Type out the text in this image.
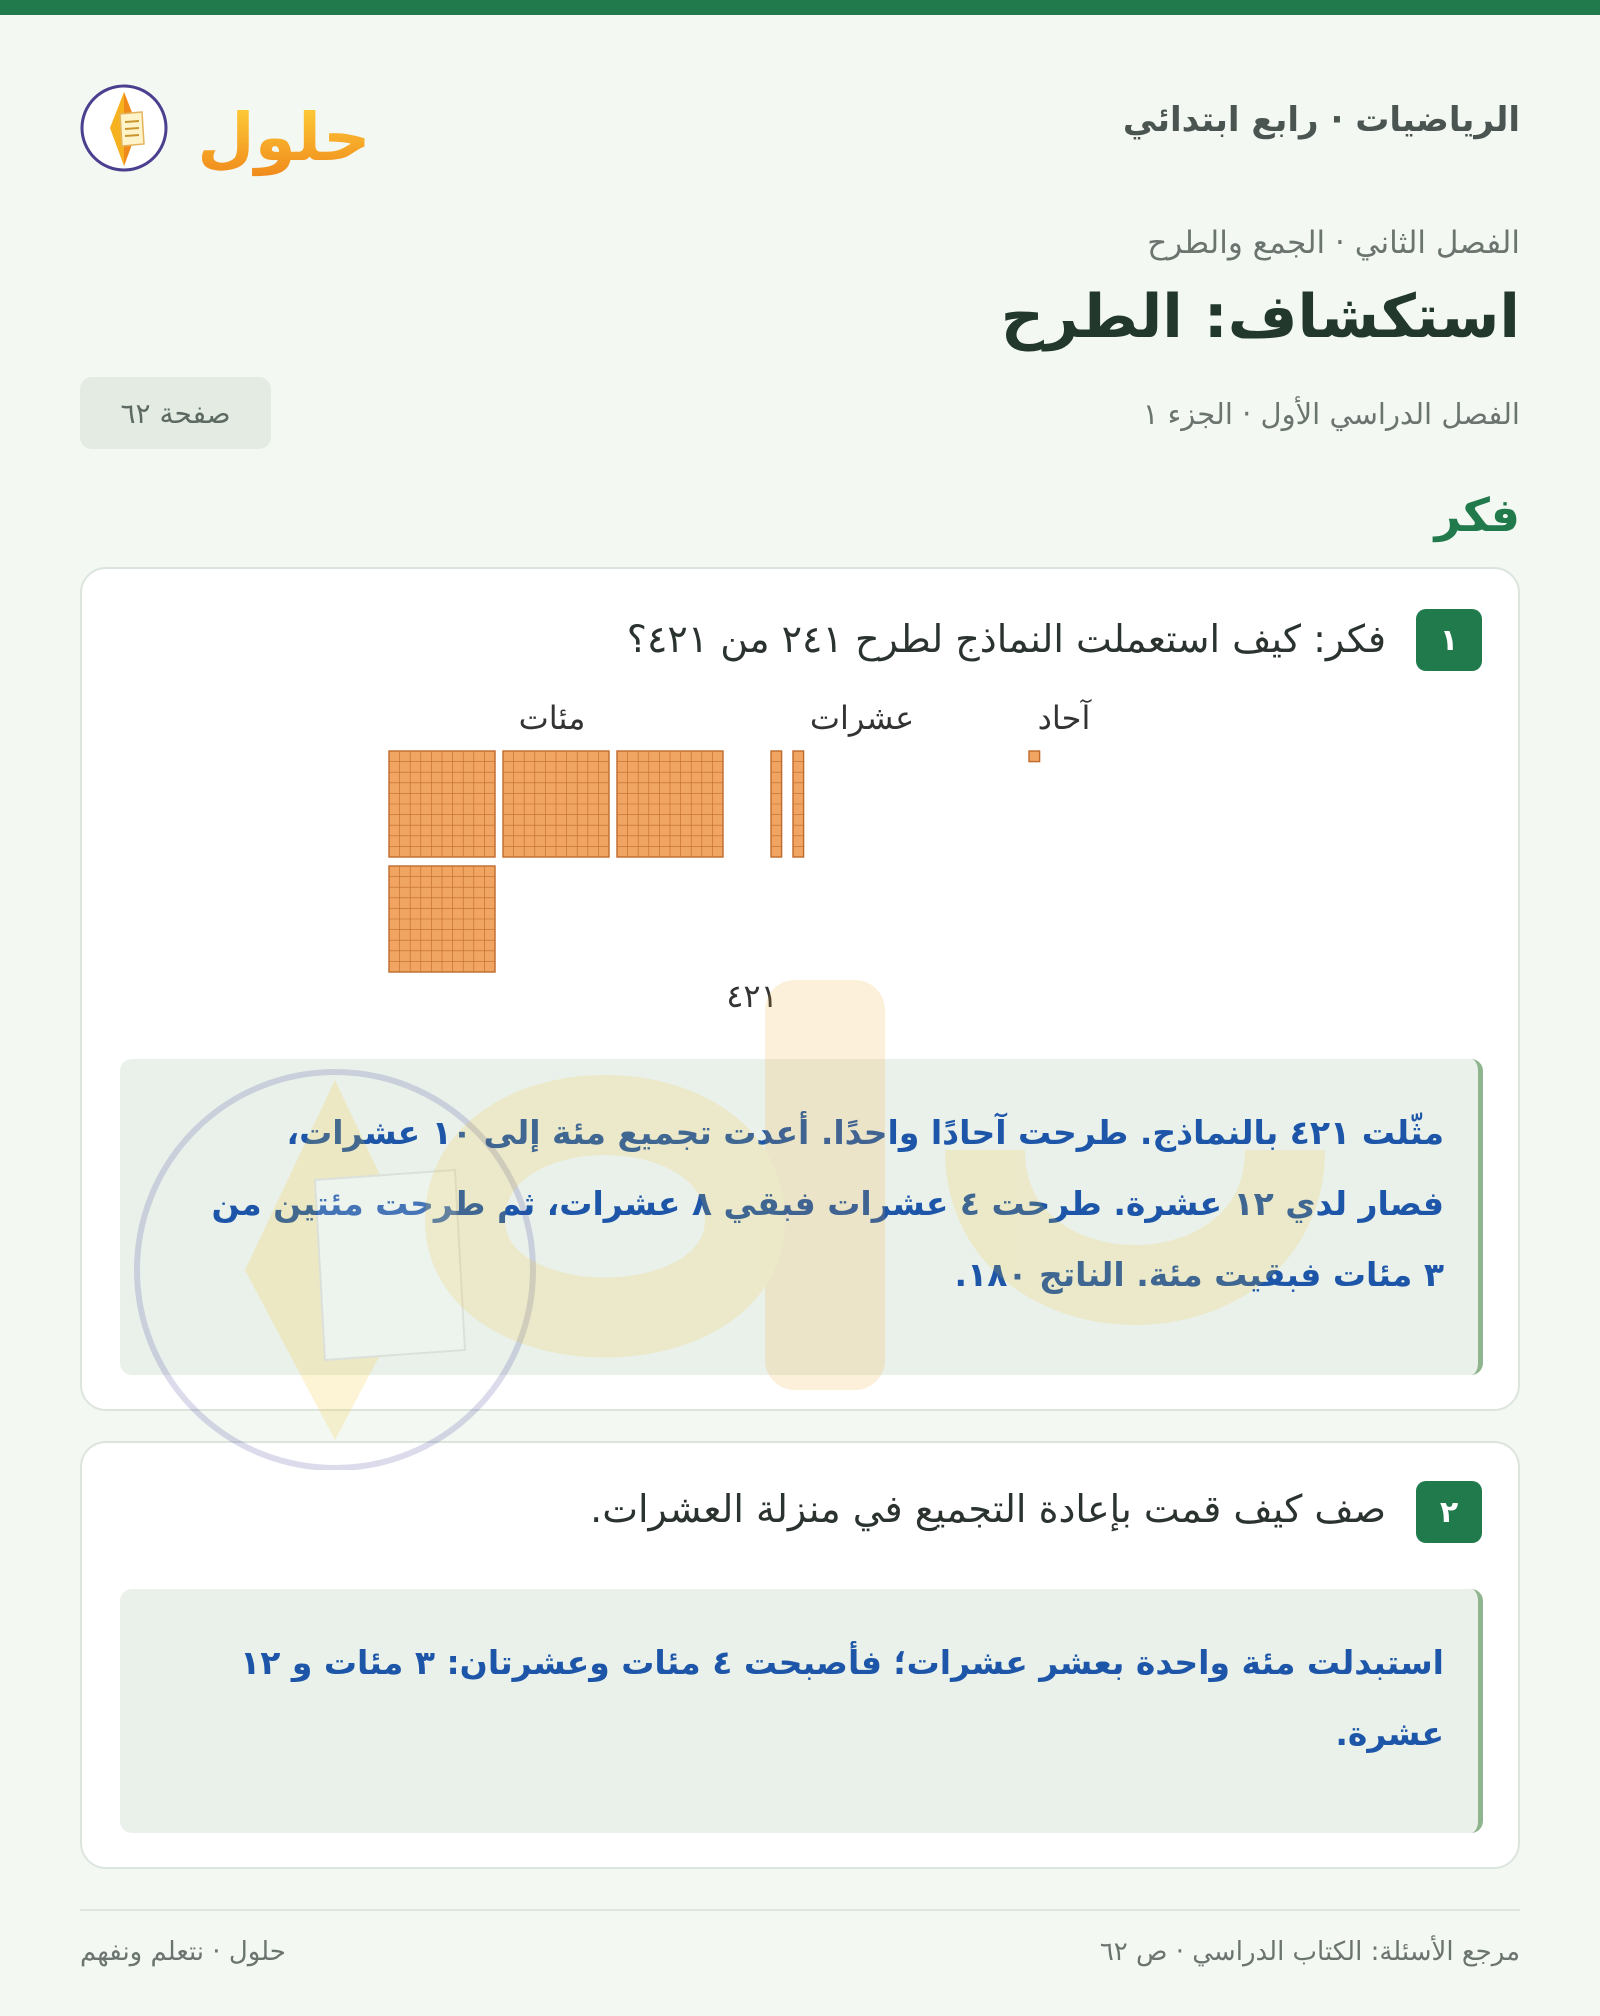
حلول	الرياضيات · رابع ابتدائي
الفصل الثاني · الجمع والطرح
استكشاف: الطرح
الفصل الدراسي الأول · الجزء ١
صفحة ٦٢
فكر
١
فكر: كيف استعملت النماذج لطرح ٢٤١ من ٤٢١؟
مئات	عشرات	آحاد
٤٢١
مثّلت ٤٢١ بالنماذج. طرحت آحادًا واحدًا. أعدت تجميع مئة إلى ١٠ عشرات، فصار لدي ١٢ عشرة. طرحت ٤ عشرات فبقي ٨ عشرات، ثم طرحت مئتين من ٣ مئات فبقيت مئة. الناتج ١٨٠.
٢
صف كيف قمت بإعادة التجميع في منزلة العشرات.
استبدلت مئة واحدة بعشر عشرات؛ فأصبحت ٤ مئات وعشرتان: ٣ مئات و ١٢ عشرة.
مرجع الأسئلة: الكتاب الدراسي · ص ٦٢
حلول · نتعلم ونفهم
